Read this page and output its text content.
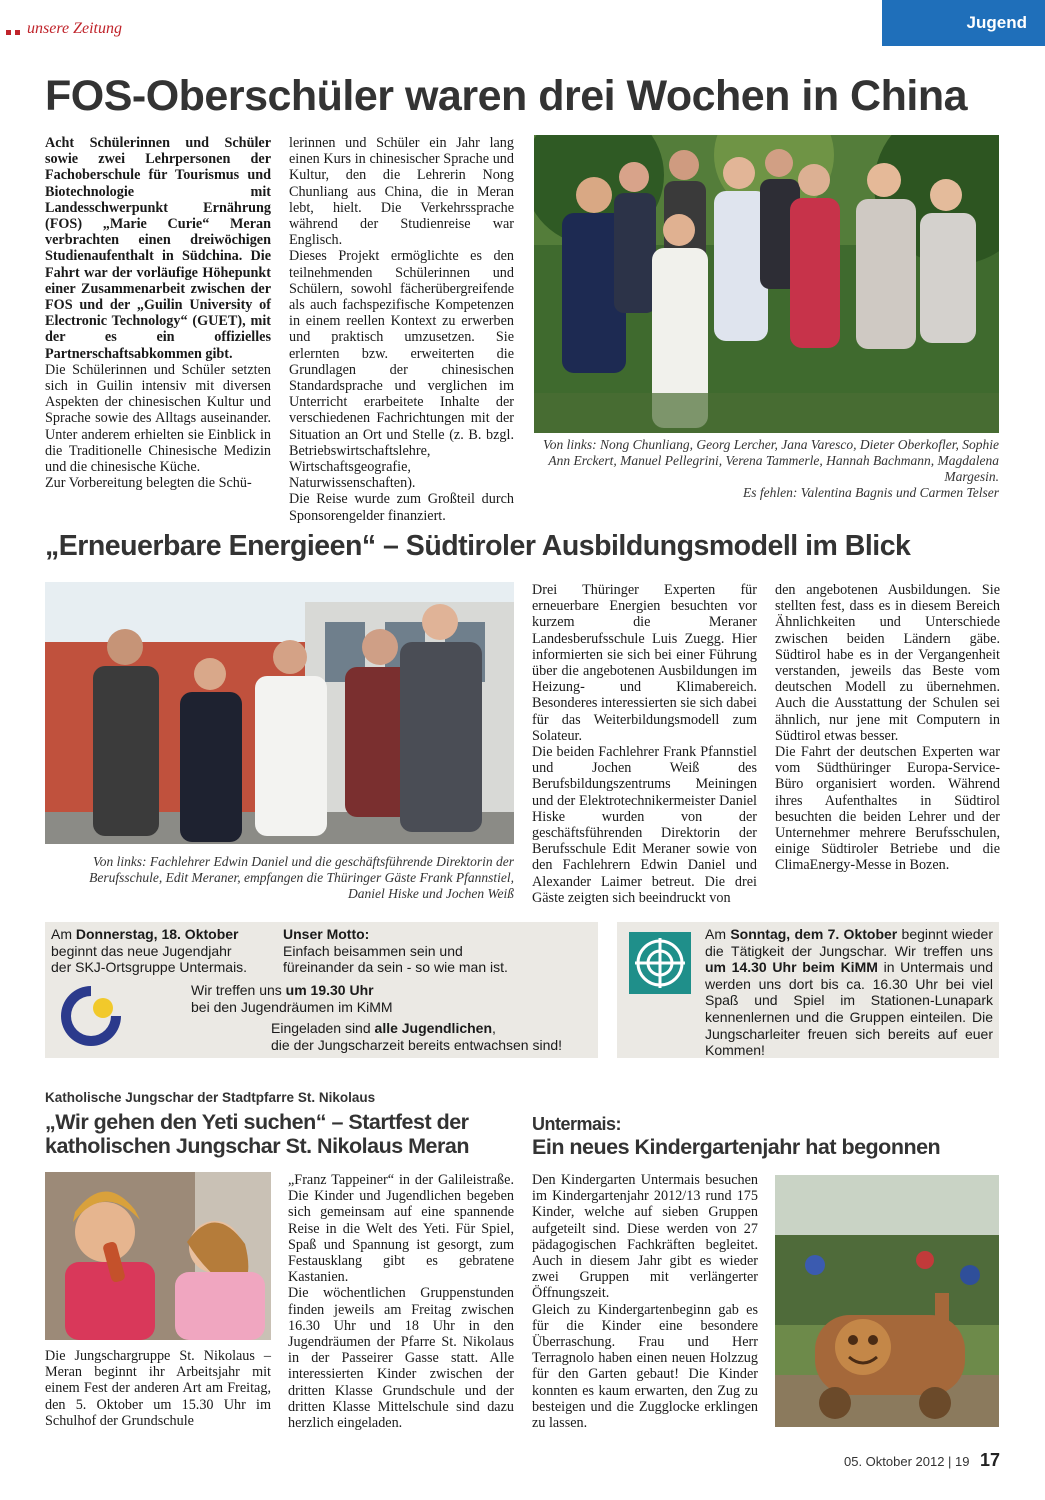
unsere Zeitung	Jugend
FOS-Oberschüler waren drei Wochen in China

Acht Schülerinnen und Schüler sowie zwei Lehrpersonen der Fachoberschule für Tourismus und Biotechnologie mit Landesschwerpunkt Ernährung (FOS) „Marie Curie“ Meran verbrachten einen dreiwöchigen Studienaufenthalt in Südchina. Die Fahrt war der vorläufige Höhepunkt einer Zusammenarbeit zwischen der FOS und der „Guilin University of Electronic Technology“ (GUET), mit der es ein offizielles Partnerschaftsabkommen gibt.

Die Schülerinnen und Schüler setzten sich in Guilin intensiv mit diversen Aspekten der chinesischen Kultur und Sprache sowie des Alltags auseinander. Unter anderem erhielten sie Einblick in die Traditionelle Chinesische Medizin und die chinesische Küche.

Zur Vorbereitung belegten die Schü-

lerinnen und Schüler ein Jahr lang einen Kurs in chinesischer Sprache und Kultur, den die Lehrerin Nong Chunliang aus China, die in Meran lebt, hielt. Die Verkehrssprache während der Studienreise war Englisch.

Dieses Projekt ermöglichte es den teilnehmenden Schülerinnen und Schülern, sowohl fächerübergreifende als auch fachspezifische Kompetenzen in einem reellen Kontext zu erwerben und praktisch umzusetzen. Sie erlernten bzw. erweiterten die Grundlagen der chinesischen Standardsprache und verglichen im Unterricht erarbeitete Inhalte der verschiedenen Fachrichtungen mit der Situation an Ort und Stelle (z. B. bzgl. Betriebswirtschaftslehre, Wirtschaftsgeografie, Naturwissenschaften).

Die Reise wurde zum Großteil durch Sponsorengelder finanziert.

Von links: Nong Chunliang, Georg Lercher, Jana Varesco, Dieter Oberkofler, Sophie Ann Erckert, Manuel Pellegrini, Verena Tammerle, Hannah Bachmann, Magdalena Margesin.
Es fehlen: Valentina Bagnis und Carmen Telser
„Erneuerbare Energieen“ – Südtiroler Ausbildungsmodell im Blick
Von links: Fachlehrer Edwin Daniel und die geschäftsführende Direktorin der Berufsschule, Edit Meraner, empfangen die Thüringer Gäste Frank Pfannstiel, Daniel Hiske und Jochen Weiß

Drei Thüringer Experten für erneuerbare Energien besuchten vor kurzem die Meraner Landesberufsschule Luis Zuegg. Hier informierten sie sich bei einer Führung über die angebotenen Ausbildungen im Heizung- und Klimabereich. Besonderes interessierten sie sich dabei für das Weiterbildungsmodell zum Solateur.

Die beiden Fachlehrer Frank Pfannstiel und Jochen Weiß des Berufsbildungszentrums Meiningen und der Elektrotechnikermeister Daniel Hiske wurden von der geschäftsführenden Direktorin der Berufsschule Edit Meraner sowie von den Fachlehrern Edwin Daniel und Alexander Laimer betreut. Die drei Gäste zeigten sich beeindruckt von

den angebotenen Ausbildungen. Sie stellten fest, dass es in diesem Bereich Ähnlichkeiten und Unterschiede zwischen beiden Ländern gäbe. Südtirol habe es in der Vergangenheit verstanden, jeweils das Beste vom deutschen Modell zu übernehmen. Auch die Ausstattung der Schulen sei ähnlich, nur jene mit Computern in Südtirol etwas besser.

Die Fahrt der deutschen Experten war vom Südthüringer Europa-Service-Büro organisiert worden. Während ihres Aufenthaltes in Südtirol besuchten die beiden Lehrer und der Unternehmer mehrere Berufsschulen, einige Südtiroler Betriebe und die ClimaEnergy-Messe in Bozen.

Am Donnerstag, 18. Oktober
beginnt das neue Jugendjahr
der SKJ-Ortsgruppe Untermais.
Unser Motto:
Einfach beisammen sein und
füreinander da sein - so wie man ist.
Wir treffen uns um 19.30 Uhr
bei den Jugendräumen im KiMM
Eingeladen sind alle Jugendlichen,
die der Jungscharzeit bereits entwachsen sind!
Am Sonntag, dem 7. Oktober beginnt wieder die Tätigkeit der Jungschar. Wir treffen uns um 14.30 Uhr beim KiMM in Untermais und werden uns dort bis ca. 16.30 Uhr bei viel Spaß und Spiel im Stationen-Lunapark kennenlernen und die Gruppen einteilen. Die Jungscharleiter freuen sich bereits auf euer Kommen!
Katholische Jungschar der Stadtpfarre St. Nikolaus
„Wir gehen den Yeti suchen“ – Startfest der
katholischen Jungschar St. Nikolaus Meran
Die Jungschargruppe St. Nikolaus – Meran beginnt ihr Arbeitsjahr mit einem Fest der anderen Art am Freitag, den 5. Oktober um 15.30 Uhr im Schulhof der Grundschule

„Franz Tappeiner“ in der Galileistraße. Die Kinder und Jugendlichen begeben sich gemeinsam auf eine spannende Reise in die Welt des Yeti. Für Spiel, Spaß und Spannung ist gesorgt, zum Festausklang gibt es gebratene Kastanien.

Die wöchentlichen Gruppenstunden finden jeweils am Freitag zwischen 16.30 Uhr und 18 Uhr in den Jugendräumen der Pfarre St. Nikolaus in der Passeirer Gasse statt. Alle interessierten Kinder zwischen der dritten Klasse Grundschule und der dritten Klasse Mittelschule sind dazu herzlich eingeladen.

Untermais:
Ein neues Kindergartenjahr hat begonnen

Den Kindergarten Untermais besuchen im Kindergartenjahr 2012/13 rund 175 Kinder, welche auf sieben Gruppen aufgeteilt sind. Diese werden von 27 pädagogischen Fachkräften begleitet. Auch in diesem Jahr gibt es wieder zwei Gruppen mit verlängerter Öffnungszeit.

Gleich zu Kindergartenbeginn gab es für die Kinder eine besondere Überraschung. Frau und Herr Terragnolo haben einen neuen Holzzug für den Garten gebaut! Die Kinder konnten es kaum erwarten, den Zug zu besteigen und die Zugglocke erklingen zu lassen.

05. Oktober 2012 | 19 17
